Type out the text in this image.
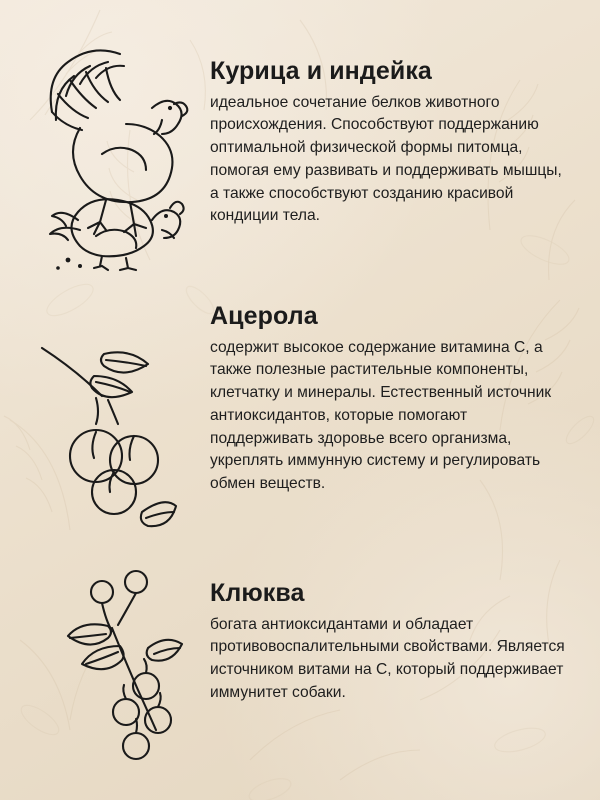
Курица и индейка

идеальное сочетание белков животного происхождения. Способствуют поддержанию оптимальной физической формы питомца, помогая ему развивать и поддерживать мышцы, а также способствуют созданию красивой кондиции тела.

Ацерола

содержит высокое содержание витамина C, а также полезные растительные компоненты, клетчатку и минералы. Естественный источник антиоксидантов, которые помогают поддерживать здоровье всего организма, укреплять иммунную систему и регулировать обмен веществ.

Клюква

богата антиоксидантами и обладает противовоспалительными свойствами. Является источником витами на C, который поддерживает иммунитет собаки.
